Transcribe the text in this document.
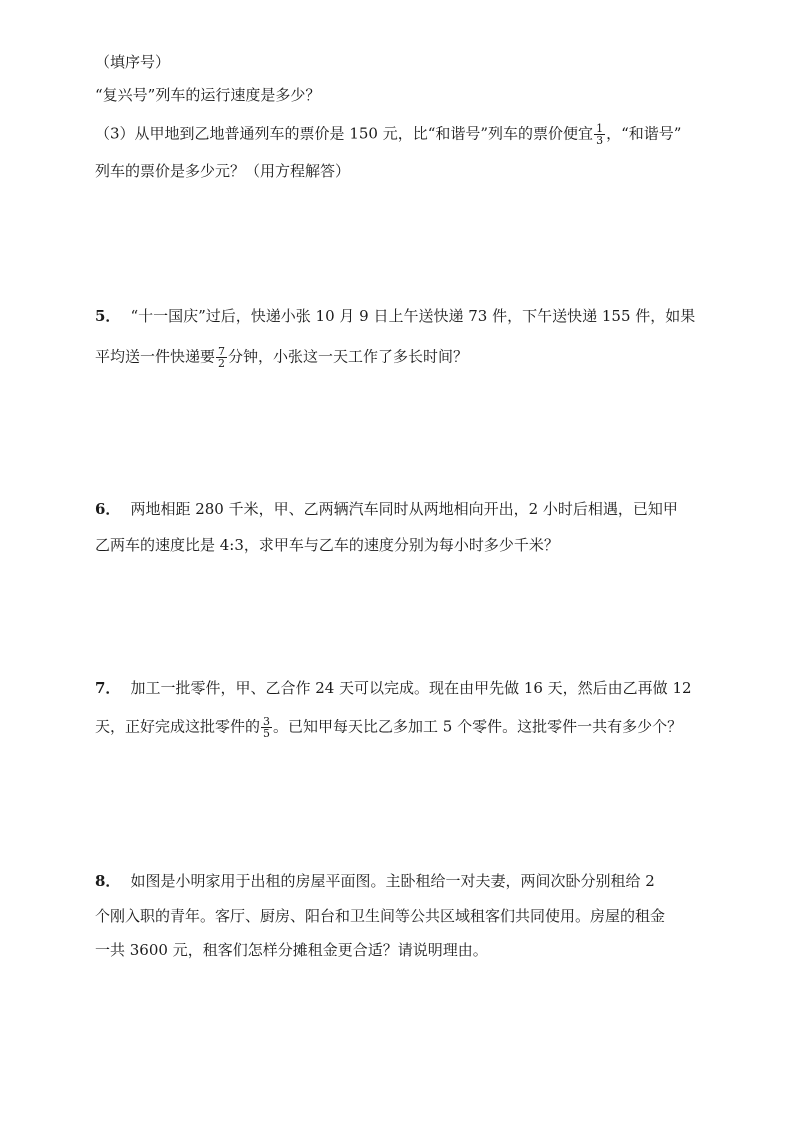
（填序号）
“复兴号”列车的运行速度是多少？
（3）从甲地到乙地普通列车的票价是 150 元，比“和谐号”列车的票价便宜 $\frac{1}{3}$ ，“和谐号”
列车的票价是多少元？（用方程解答）
5． “十一国庆”过后，快递小张 10 月 9 日上午送快递 73 件，下午送快递 155 件，如果
平均送一件快递要 $\frac{7}{2}$ 分钟，小张这一天工作了多长时间？
6． 两地相距 280 千米，甲、乙两辆汽车同时从两地相向开出，2 小时后相遇，已知甲
乙两车的速度比是 4:3，求甲车与乙车的速度分别为每小时多少千米？
7． 加工一批零件，甲、乙合作 24 天可以完成。现在由甲先做 16 天，然后由乙再做 12
天，正好完成这批零件的 $\frac{3}{5}$ 。已知甲每天比乙多加工 5 个零件。这批零件一共有多少个？
8． 如图是小明家用于出租的房屋平面图。主卧租给一对夫妻，两间次卧分别租给 2
个刚入职的青年。客厅、厨房、阳台和卫生间等公共区域租客们共同使用。房屋的租金
一共 3600 元，租客们怎样分摊租金更合适？请说明理由。
